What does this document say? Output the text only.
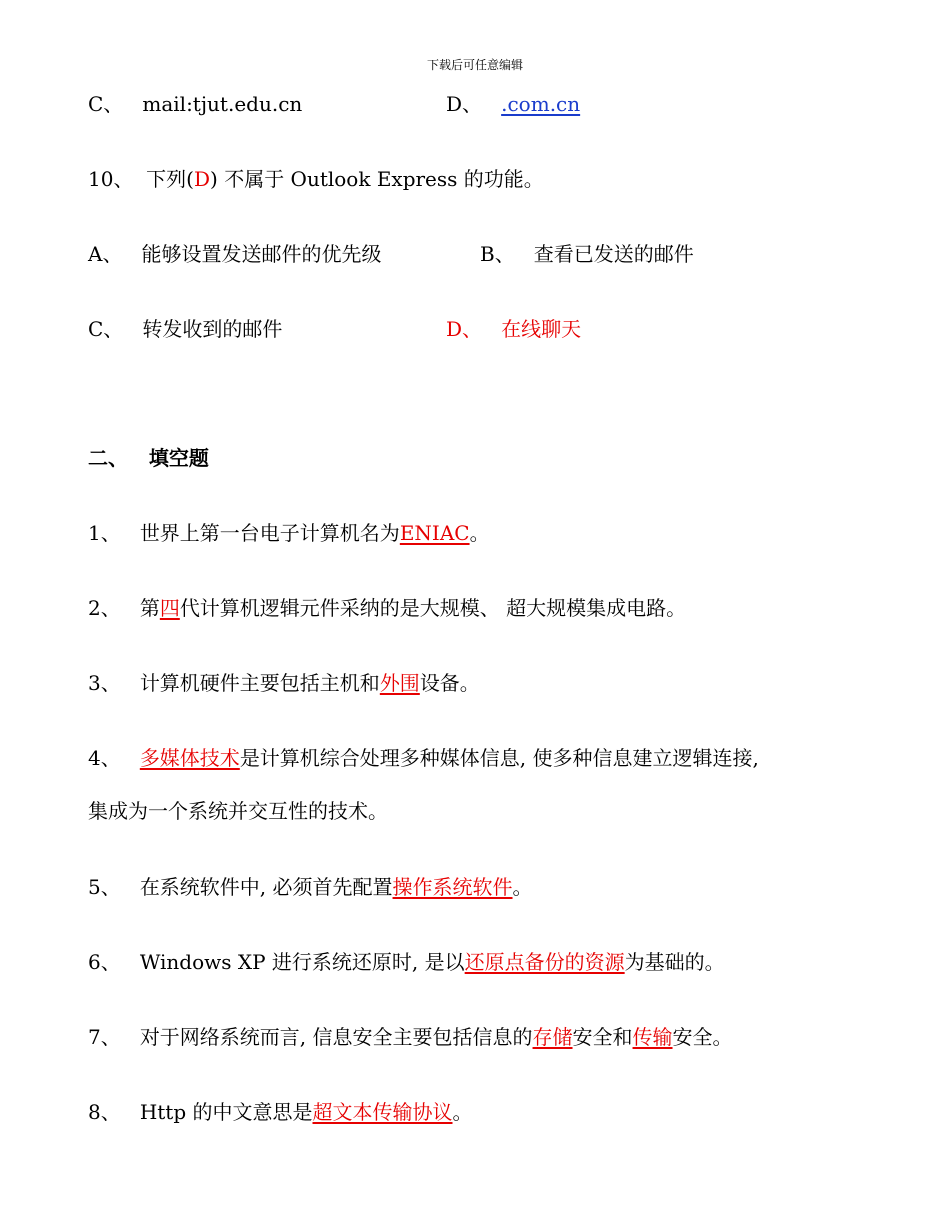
下载后可任意编辑
C、 mail:tjut.edu.cn	D、 .com.cn
10、 下列(D) 不属于 Outlook Express 的功能。
A、 能够设置发送邮件的优先级	B、 查看已发送的邮件
C、 转发收到的邮件	D、 在线聊天
二、 填空题
1、 世界上第一台电子计算机名为ENIAC。
2、 第四代计算机逻辑元件采纳的是大规模、 超大规模集成电路。
3、 计算机硬件主要包括主机和外围设备。
4、 多媒体技术是计算机综合处理多种媒体信息, 使多种信息建立逻辑连接,
集成为一个系统并交互性的技术。
5、 在系统软件中, 必须首先配置操作系统软件。
6、 Windows XP 进行系统还原时, 是以还原点备份的资源为基础的。
7、 对于网络系统而言, 信息安全主要包括信息的存储安全和传输安全。
8、 Http 的中文意思是超文本传输协议。
